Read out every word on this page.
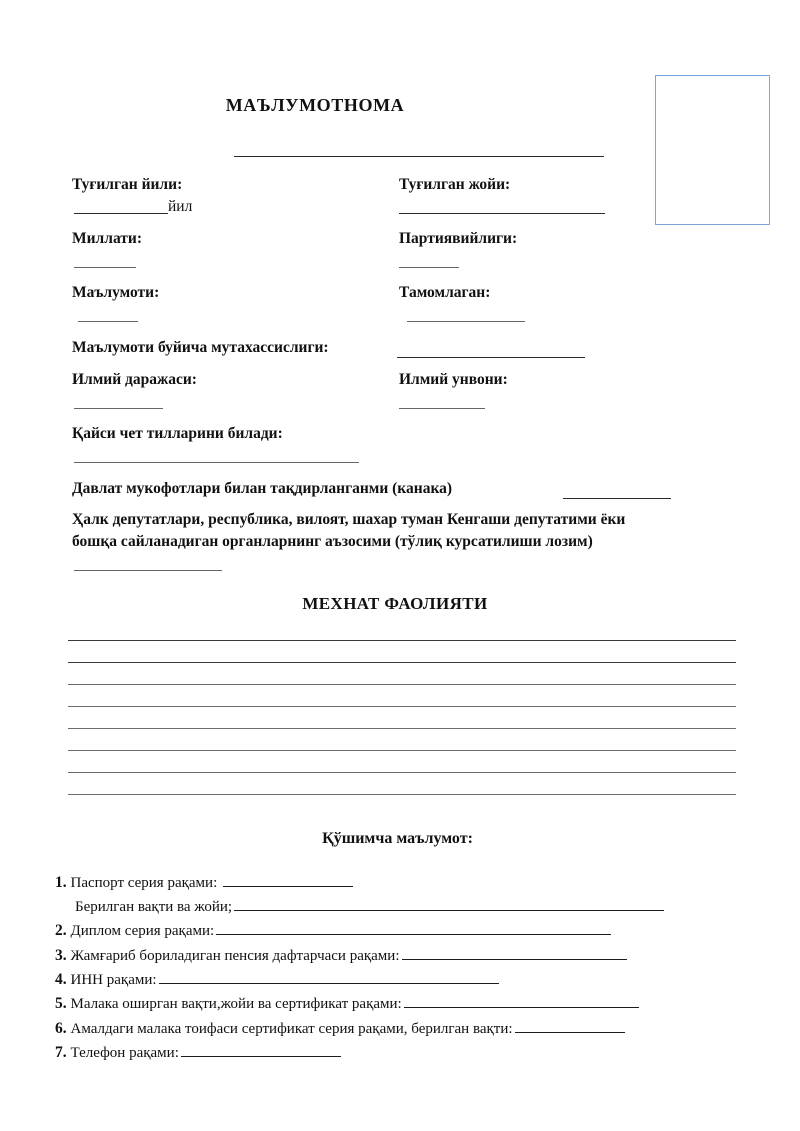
МАЪЛУМОТНОМА
Туғилган йили:
йил
Туғилган жойи:
Миллати:	Партиявийлиги:
Маълумоти:	Тамомлаган:
Маълумоти буйича мутахассислиги:
Илмий даражаси:	Илмий унвони:
Қайси чет тилларини билади:
Давлат мукофотлари билан тақдирланганми (канака)
Ҳалк депутатлари, республика, вилоят, шахар туман Кенгаши депутатими ёки
бошқа сайланадиган органларнинг аъзосими (тўлиқ курсатилиши лозим)
МЕХНАТ ФАОЛИЯТИ
Қўшимча маълумот:
1. Паспорт серия рақами:
Берилган вақти ва жойи;
2. Диплом серия рақами:
3. Жамғариб бориладиган пенсия дафтарчаси рақами:
4. ИНН рақами:
5. Малака оширган вақти,жойи ва сертификат рақами:
6. Амалдаги малака тоифаси сертификат серия рақами, берилган вақти:
7. Телефон рақами:
